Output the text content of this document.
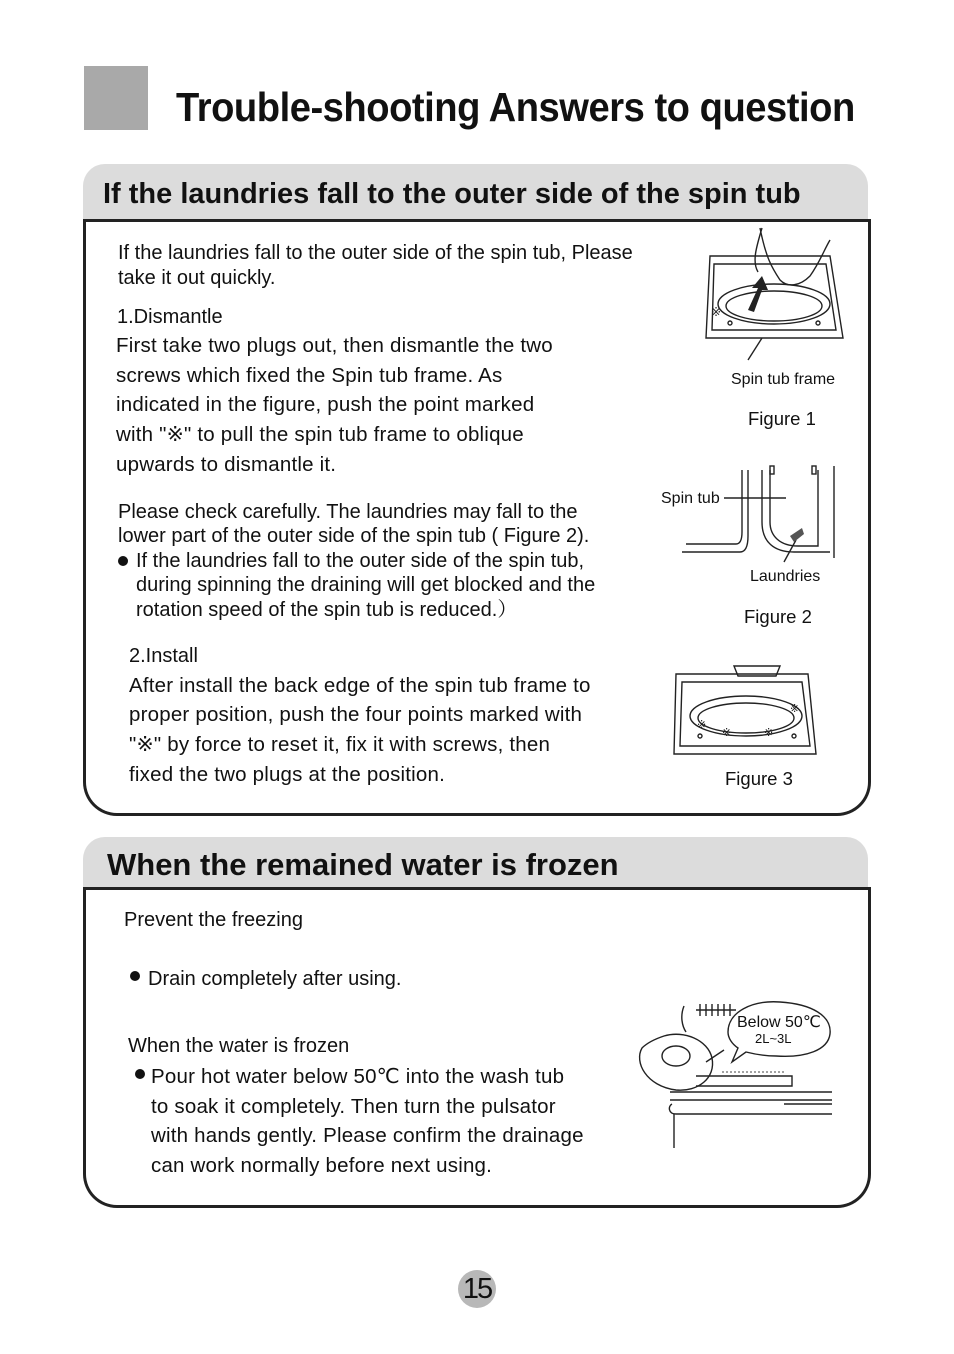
Trouble-shooting Answers to question
If the laundries fall to the outer side of the spin tub
If the laundries fall to the outer side of the spin tub, Please
take it out quickly.
1.Dismantle
First take two plugs out, then dismantle the two
screws which fixed the Spin tub frame. As
indicated in the figure, push the point marked
with "※" to pull the spin tub frame to oblique
upwards to dismantle it.
Please check carefully. The laundries may fall to the
lower part of the outer side of the spin tub ( Figure 2).
If the laundries fall to the outer side of the spin tub,
during spinning the draining will get blocked and the
rotation speed of the spin tub is reduced.）
2.Install
After install the back edge of the spin tub frame to
proper position, push the four points marked with
"※" by force to reset it, fix it with screws, then
fixed the two plugs at the position.
※
Spin tub frame
Figure 1
Spin tub
Laundries
Figure 2
※
※	※
※
Figure 3
When the remained water is frozen
Prevent the freezing
Drain completely after using.
When the water is frozen
Pour hot water below 50℃ into the wash tub
to soak it completely. Then turn the pulsator
with hands gently. Please confirm the drainage
can work normally before next using.
Below 50℃
2L~3L
15
